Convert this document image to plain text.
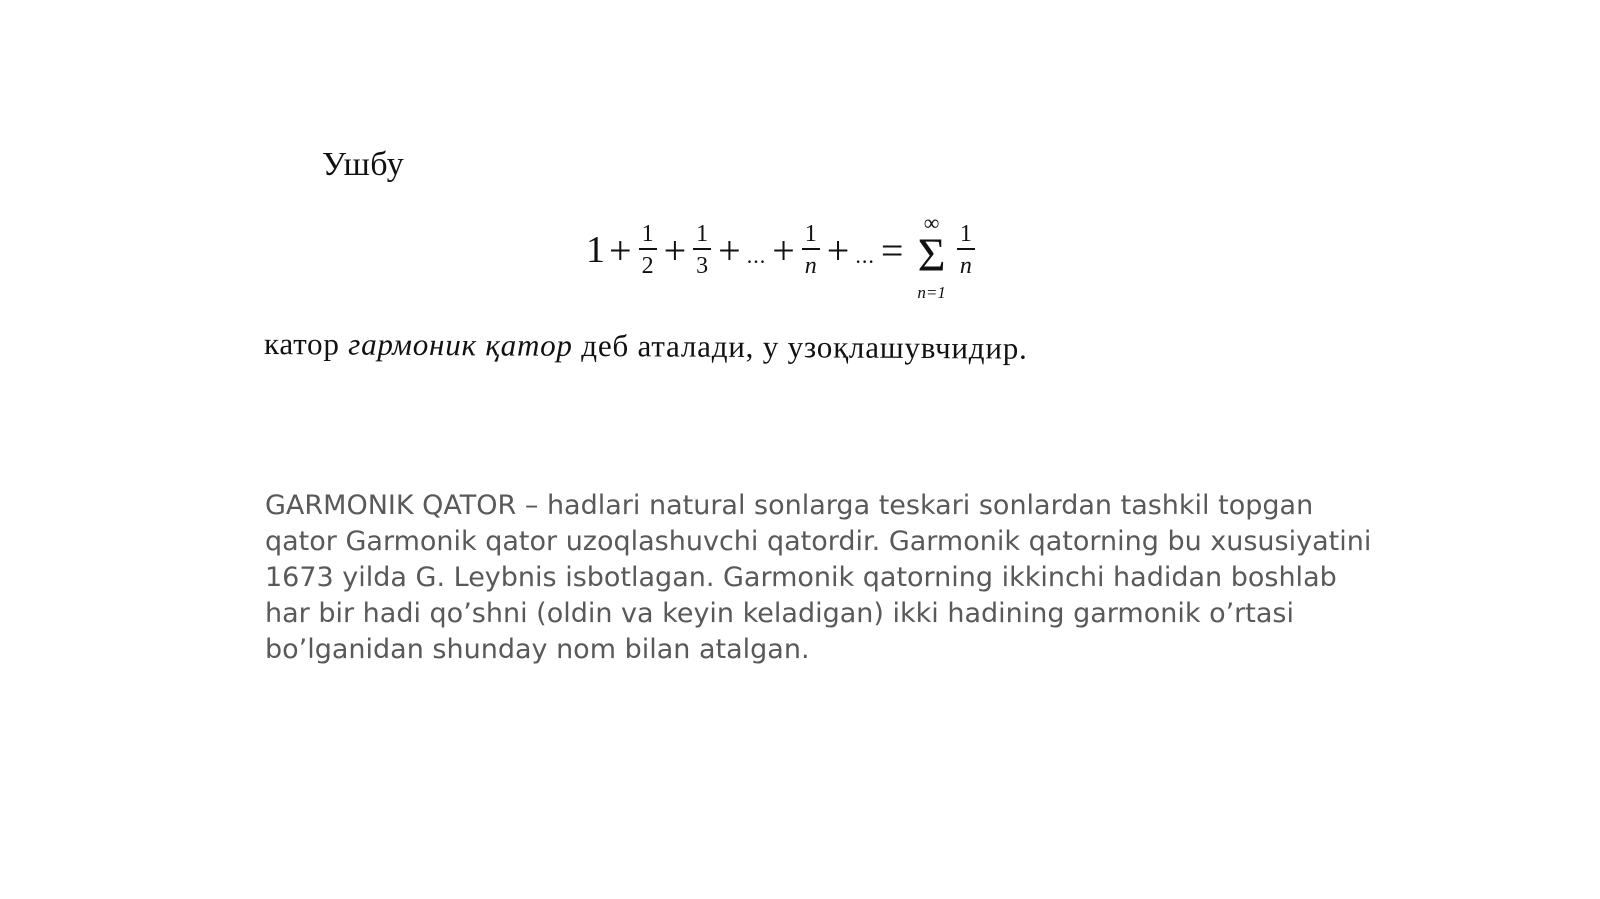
Ушбу
$1 + \frac{1}{2} + \frac{1}{3}$ + ... + $\frac{1}{n}$ + ... =
∞
Σ
n=1
$\frac{1}{n}$
катор гармоник қатор деб аталади, у узоқлашувчидир.
GARMONIK QATOR – hadlari natural sonlarga teskari sonlardan tashkil topgan qator Garmonik qator uzoqlashuvchi qatordir. Garmonik qatorning bu xususiyatini 1673 yilda G. Leybnis isbotlagan. Garmonik qatorning ikkinchi hadidan boshlab har bir hadi qo’shni (oldin va keyin keladigan) ikki hadining garmonik o’rtasi bo’lganidan shunday nom bilan atalgan.
